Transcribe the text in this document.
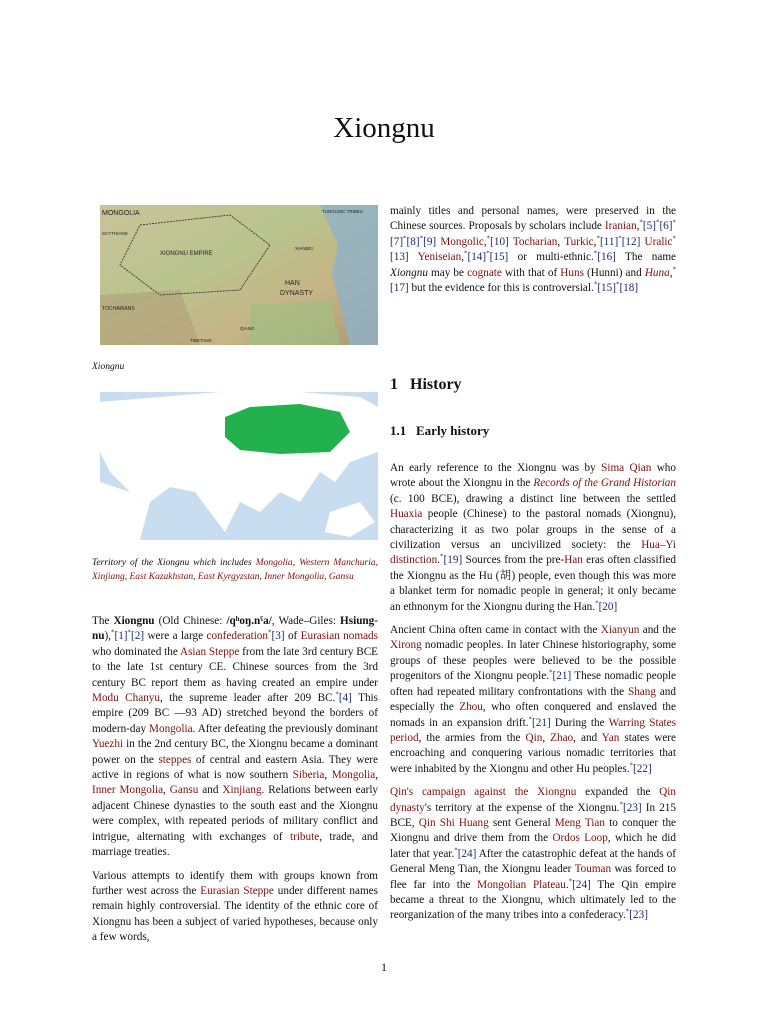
Xiongnu
MONGOLIA
XIONGNU EMPIRE
HAN
DYNASTY
TOCHARIANS
TUNGUSIC TRIBES
SCYTHIANS
XIANBEI
TIBETANS
QIANG
Xiongnu
Territory of the Xiongnu which includes Mongolia, Western Manchuria, Xinjiang, East Kazakhstan, East Kyrgyzstan, Inner Mongolia, Gansu

The Xiongnu (Old Chinese: /qʰoŋ.nˤa/, Wade–Giles: Hsiung-nu),*[1]*[2] were a large confederation*[3] of Eurasian nomads who dominated the Asian Steppe from the late 3rd century BCE to the late 1st century CE. Chinese sources from the 3rd century BC report them as having created an empire under Modu Chanyu, the supreme leader after 209 BC.*[4] This empire (209 BC —93 AD) stretched beyond the borders of modern-day Mongolia. After defeating the previously dominant Yuezhi in the 2nd century BC, the Xiongnu became a dominant power on the steppes of central and eastern Asia. They were active in regions of what is now southern Siberia, Mongolia, Inner Mongolia, Gansu and Xinjiang. Relations between early adjacent Chinese dynasties to the south east and the Xiongnu were complex, with repeated periods of military conflict and intrigue, alternating with exchanges of tribute, trade, and marriage treaties.

Various attempts to identify them with groups known from further west across the Eurasian Steppe under different names remain highly controversial. The identity of the ethnic core of Xiongnu has been a subject of varied hypotheses, because only a few words,

mainly titles and personal names, were preserved in the Chinese sources. Proposals by scholars include Iranian,*[5]*[6]*[7]*[8]*[9] Mongolic,*[10] Tocharian, Turkic,*[11]*[12] Uralic*[13] Yeniseian,*[14]*[15] or multi-ethnic.*[16] The name Xiongnu may be cognate with that of Huns (Hunni) and Huna,*[17] but the evidence for this is controversial.*[15]*[18]

1 History
1.1 Early history

An early reference to the Xiongnu was by Sima Qian who wrote about the Xiongnu in the Records of the Grand Historian (c. 100 BCE), drawing a distinct line between the settled Huaxia people (Chinese) to the pastoral nomads (Xiongnu), characterizing it as two polar groups in the sense of a civilization versus an uncivilized society: the Hua–Yi distinction.*[19] Sources from the pre-Han eras often classified the Xiongnu as the Hu (胡) people, even though this was more a blanket term for nomadic people in general; it only became an ethnonym for the Xiongnu during the Han.*[20]

Ancient China often came in contact with the Xianyun and the Xirong nomadic peoples. In later Chinese historiography, some groups of these peoples were believed to be the possible progenitors of the Xiongnu people.*[21] These nomadic people often had repeated military confrontations with the Shang and especially the Zhou, who often conquered and enslaved the nomads in an expansion drift.*[21] During the Warring States period, the armies from the Qin, Zhao, and Yan states were encroaching and conquering various nomadic territories that were inhabited by the Xiongnu and other Hu peoples.*[22]

Qin's campaign against the Xiongnu expanded the Qin dynasty's territory at the expense of the Xiongnu.*[23] In 215 BCE, Qin Shi Huang sent General Meng Tian to conquer the Xiongnu and drive them from the Ordos Loop, which he did later that year.*[24] After the catastrophic defeat at the hands of General Meng Tian, the Xiongnu leader Touman was forced to flee far into the Mongolian Plateau.*[24] The Qin empire became a threat to the Xiongnu, which ultimately led to the reorganization of the many tribes into a confederacy.*[23]

1
